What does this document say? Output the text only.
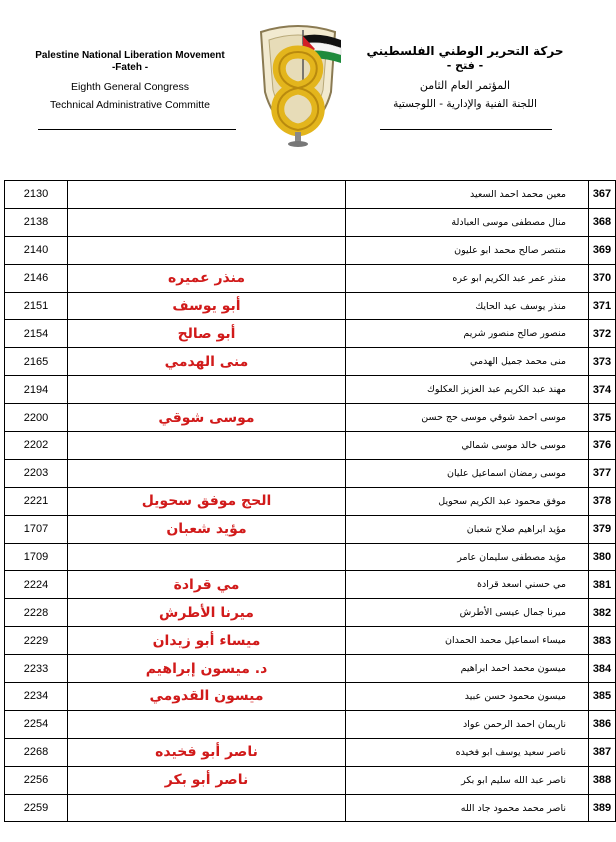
Palestine National Liberation Movement
-Fateh -
Eighth General Congress
Technical Administrative Committe
حركة التحرير الوطني الفلسطيني
- فتح -
المؤتمر العام الثامن
اللجنة الفنية والإدارية - اللوجستية
2130		معين محمد احمد السعيد	367
2138		منال مصطفى موسى العبادلة	368
2140		منتصر صالح محمد ابو عليون	369
2146	منذر عميره	منذر عمر عبد الكريم ابو عره	370
2151	أبو يوسف	منذر يوسف عيد الحايك	371
2154	أبو صالح	منصور صالح منصور شريم	372
2165	منى الهدمي	منى محمد جميل الهدمي	373
2194		مهند عبد الكريم عبد العزيز العكلوك	374
2200	موسى شوقي	موسى احمد شوقي موسى حج حسن	375
2202		موسى خالد موسى شمالي	376
2203		موسى رمضان اسماعيل عليان	377
2221	الحج موفق سحويل	موفق محمود عبد الكريم سحويل	378
1707	مؤيد شعبان	مؤيد ابراهيم صلاح شعبان	379
1709		مؤيد مصطفى سليمان عامر	380
2224	مي قرادة	مي حسني اسعد قرادة	381
2228	ميرنا الأطرش	ميرنا جمال عيسى الأطرش	382
2229	ميساء أبو زيدان	ميساء اسماعيل محمد الحمدان	383
2233	د. ميسون إبراهيم	ميسون محمد احمد ابراهيم	384
2234	ميسون القدومي	ميسون محمود حسن عبيد	385
2254		ناريمان احمد الرحمن عواد	386
2268	ناصر أبو فخيده	ناصر سعيد يوسف ابو فخيده	387
2256	ناصر أبو بكر	ناصر عبد الله سليم ابو بكر	388
2259		ناصر محمد محمود جاد الله	389
